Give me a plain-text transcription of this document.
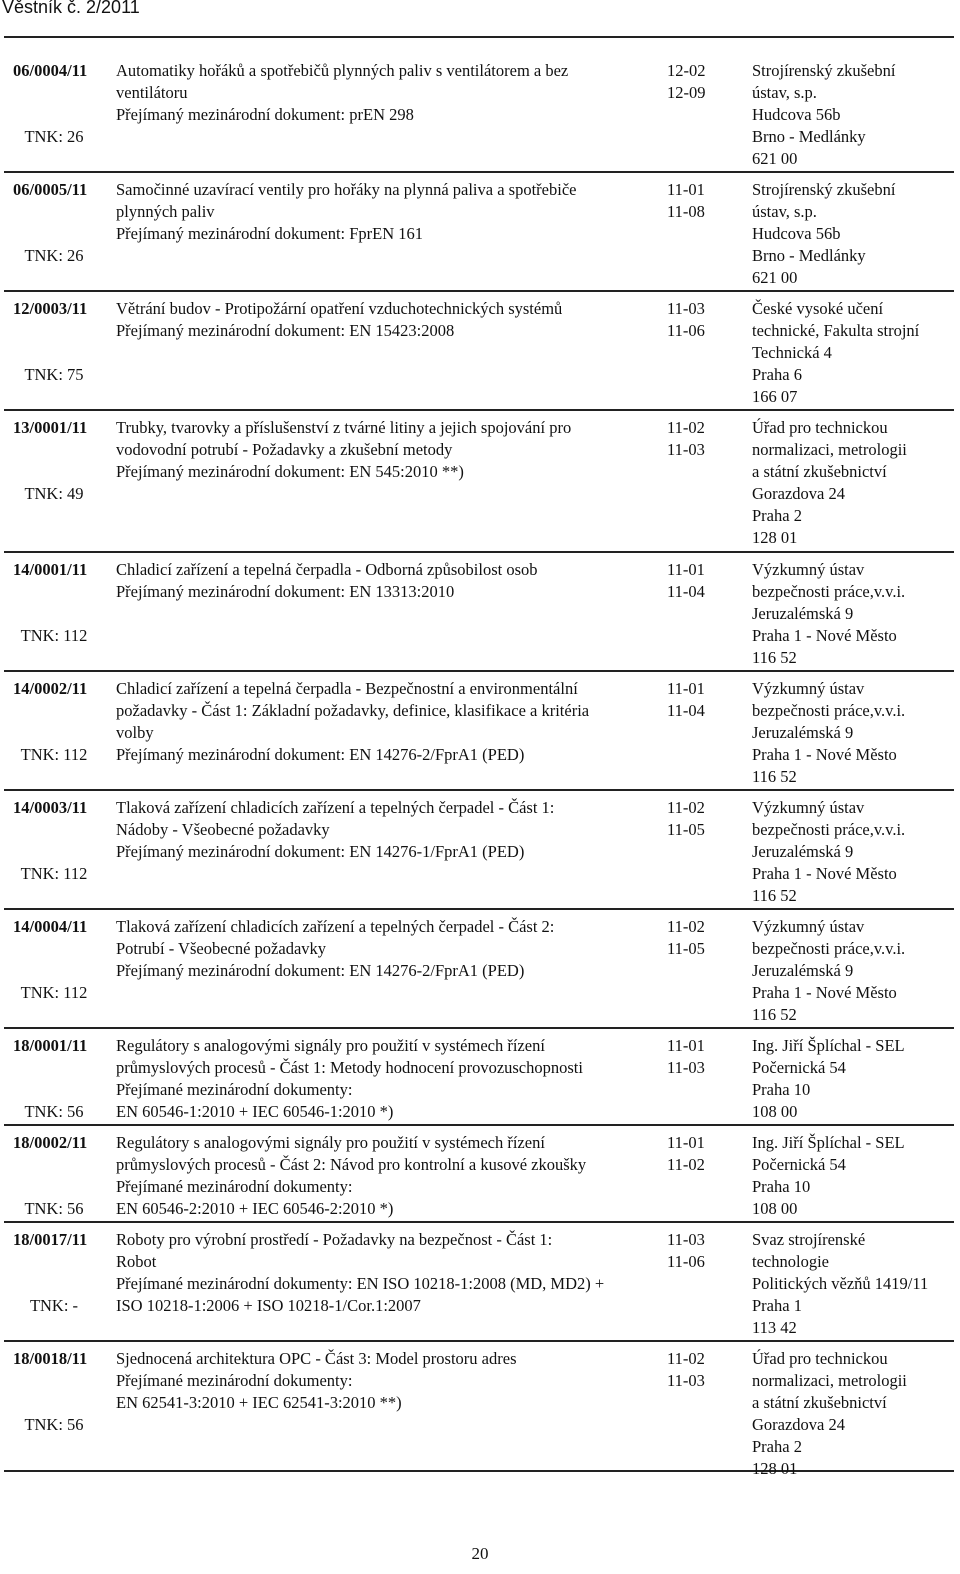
Věstník č. 2/2011
06/0004/11
TNK: 26
Automatiky hořáků a spotřebičů plynných paliv s ventilátorem a bez
ventilátoru
Přejímaný mezinárodní dokument: prEN 298
12-02
12-09
Strojírenský zkušební
ústav, s.p.
Hudcova 56b
Brno - Medlánky
621 00
06/0005/11
TNK: 26
Samočinné uzavírací ventily pro hořáky na plynná paliva a spotřebiče
plynných paliv
Přejímaný mezinárodní dokument: FprEN 161
11-01
11-08
Strojírenský zkušební
ústav, s.p.
Hudcova 56b
Brno - Medlánky
621 00
12/0003/11
TNK: 75
Větrání budov - Protipožární opatření vzduchotechnických systémů
Přejímaný mezinárodní dokument: EN 15423:2008
11-03
11-06
České vysoké učení
technické, Fakulta strojní
Technická 4
Praha 6
166 07
13/0001/11
TNK: 49
Trubky, tvarovky a příslušenství z tvárné litiny a jejich spojování pro
vodovodní potrubí - Požadavky a zkušební metody
Přejímaný mezinárodní dokument: EN 545:2010 **)
11-02
11-03
Úřad pro technickou
normalizaci, metrologii
a státní zkušebnictví
Gorazdova 24
Praha 2
128 01
14/0001/11
TNK: 112
Chladicí zařízení a tepelná čerpadla - Odborná způsobilost osob
Přejímaný mezinárodní dokument: EN 13313:2010
11-01
11-04
Výzkumný ústav
bezpečnosti práce,v.v.i.
Jeruzalémská 9
Praha 1 - Nové Město
116 52
14/0002/11
TNK: 112
Chladicí zařízení a tepelná čerpadla - Bezpečnostní a environmentální
požadavky - Část 1: Základní požadavky, definice, klasifikace a kritéria
volby
Přejímaný mezinárodní dokument: EN 14276-2/FprA1 (PED)
11-01
11-04
Výzkumný ústav
bezpečnosti práce,v.v.i.
Jeruzalémská 9
Praha 1 - Nové Město
116 52
14/0003/11
TNK: 112
Tlaková zařízení chladicích zařízení a tepelných čerpadel - Část 1:
Nádoby - Všeobecné požadavky
Přejímaný mezinárodní dokument: EN 14276-1/FprA1 (PED)
11-02
11-05
Výzkumný ústav
bezpečnosti práce,v.v.i.
Jeruzalémská 9
Praha 1 - Nové Město
116 52
14/0004/11
TNK: 112
Tlaková zařízení chladicích zařízení a tepelných čerpadel - Část 2:
Potrubí - Všeobecné požadavky
Přejímaný mezinárodní dokument: EN 14276-2/FprA1 (PED)
11-02
11-05
Výzkumný ústav
bezpečnosti práce,v.v.i.
Jeruzalémská 9
Praha 1 - Nové Město
116 52
18/0001/11
TNK: 56
Regulátory s analogovými signály pro použití v systémech řízení
průmyslových procesů - Část 1: Metody hodnocení provozuschopnosti
Přejímané mezinárodní dokumenty:
EN 60546-1:2010 + IEC 60546-1:2010 *)
11-01
11-03
Ing. Jiří Šplíchal - SEL
Počernická 54
Praha 10
108 00
18/0002/11
TNK: 56
Regulátory s analogovými signály pro použití v systémech řízení
průmyslových procesů - Část 2: Návod pro kontrolní a kusové zkoušky
Přejímané mezinárodní dokumenty:
EN 60546-2:2010 + IEC 60546-2:2010 *)
11-01
11-02
Ing. Jiří Šplíchal - SEL
Počernická 54
Praha 10
108 00
18/0017/11
TNK: -
Roboty pro výrobní prostředí - Požadavky na bezpečnost - Část 1:
Robot
Přejímané mezinárodní dokumenty: EN ISO 10218-1:2008 (MD, MD2) +
ISO 10218-1:2006 + ISO 10218-1/Cor.1:2007
11-03
11-06
Svaz strojírenské
technologie
Politických vězňů 1419/11
Praha 1
113 42
18/0018/11
TNK: 56
Sjednocená architektura OPC - Část 3: Model prostoru adres
Přejímané mezinárodní dokumenty:
EN 62541-3:2010 + IEC 62541-3:2010 **)
11-02
11-03
Úřad pro technickou
normalizaci, metrologii
a státní zkušebnictví
Gorazdova 24
Praha 2
128 01
20
